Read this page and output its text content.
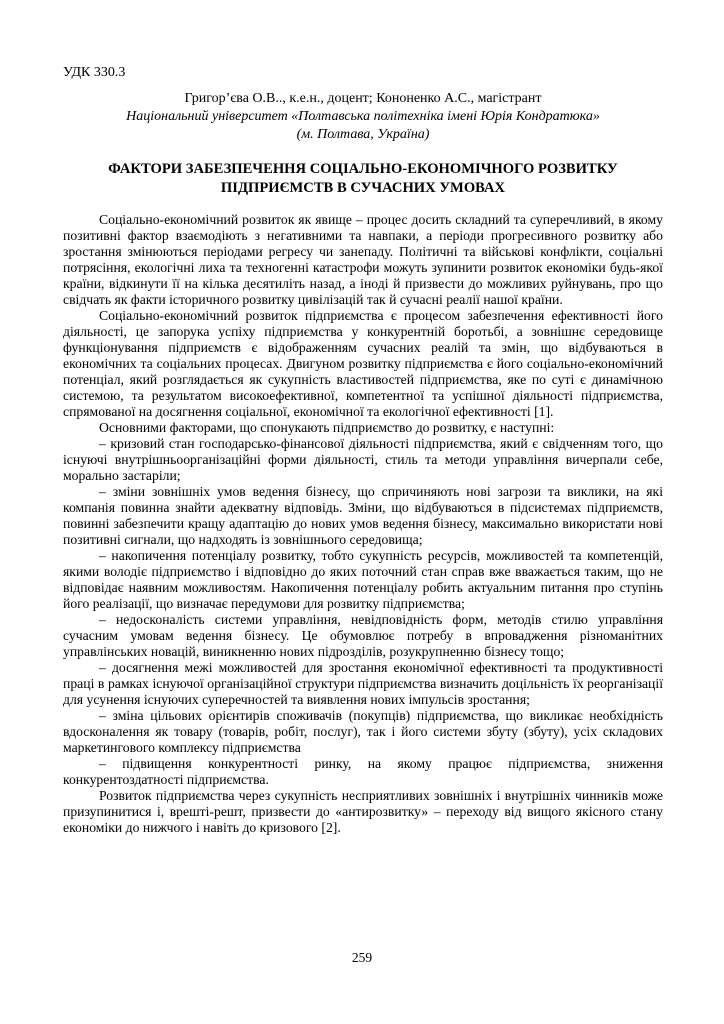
УДК 330.3
Григор’єва О.В.., к.е.н., доцент; Кононенко А.С., магістрант
Національний університет «Полтавська політехніка імені Юрія Кондратюка»
(м. Полтава, Україна)
ФАКТОРИ ЗАБЕЗПЕЧЕННЯ СОЦІАЛЬНО-ЕКОНОМІЧНОГО РОЗВИТКУ ПІДПРИЄМСТВ В СУЧАСНИХ УМОВАХ

Соціально-економічний розвиток як явище – процес досить складний та суперечливий, в якому позитивні фактор взаємодіють з негативними та навпаки, а періоди прогресивного розвитку або зростання змінюються періодами регресу чи занепаду. Політичні та військові конфлікти, соціальні потрясіння, екологічні лиха та техногенні катастрофи можуть зупинити розвиток економіки будь-якої країни, відкинути її на кілька десятиліть назад, а іноді й призвести до можливих руйнувань, про що свідчать як факти історичного розвитку цивілізацій так й сучасні реалії нашої країни.

Соціально-економічний розвиток підприємства є процесом забезпечення ефективності його діяльності, це запорука успіху підприємства у конкурентній боротьбі, а зовнішнє середовище функціонування підприємств є відображенням сучасних реалій та змін, що відбуваються в економічних та соціальних процесах. Двигуном розвитку підприємства є його соціально-економічний потенціал, який розглядається як сукупність властивостей підприємства, яке по суті є динамічною системою, та результатом високоефективної, компетентної та успішної діяльності підприємства, спрямованої на досягнення соціальної, економічної та екологічної ефективності [1].

Основними факторами, що спонукають підприємство до розвитку, є наступні:

– кризовий стан господарсько-фінансової діяльності підприємства, який є свідченням того, що існуючі внутрішньоорганізаційні форми діяльності, стиль та методи управління вичерпали себе, морально застаріли;

– зміни зовнішніх умов ведення бізнесу, що спричиняють нові загрози та виклики, на які компанія повинна знайти адекватну відповідь. Зміни, що відбуваються в підсистемах підприємств, повинні забезпечити кращу адаптацію до нових умов ведення бізнесу, максимально використати нові позитивні сигнали, що надходять із зовнішнього середовища;

– накопичення потенціалу розвитку, тобто сукупність ресурсів, можливостей та компетенцій, якими володіє підприємство і відповідно до яких поточний стан справ вже вважається таким, що не відповідає наявним можливостям. Накопичення потенціалу робить актуальним питання про ступінь його реалізації, що визначає передумови для розвитку підприємства;

– недосконалість системи управління, невідповідність форм, методів стилю управління сучасним умовам ведення бізнесу. Це обумовлює потребу в впровадження різноманітних управлінських новацій, виникненню нових підрозділів, розукрупненню бізнесу тощо;

– досягнення межі можливостей для зростання економічної ефективності та продуктивності праці в рамках існуючої організаційної структури підприємства визначить доцільність їх реорганізації для усунення існуючих суперечностей та виявлення нових імпульсів зростання;

– зміна цільових орієнтирів споживачів (покупців) підприємства, що викликає необхідність вдосконалення як товару (товарів, робіт, послуг), так і його системи збуту (збуту), усіх складових маркетингового комплексу підприємства

– підвищення конкурентності ринку, на якому працює підприємства, зниження конкурентоздатності підприємства.

Розвиток підприємства через сукупність несприятливих зовнішніх і внутрішніх чинників може призупинитися і, врешті-решт, призвести до «антирозвитку» – переходу від вищого якісного стану економіки до нижчого і навіть до кризового [2].

259
